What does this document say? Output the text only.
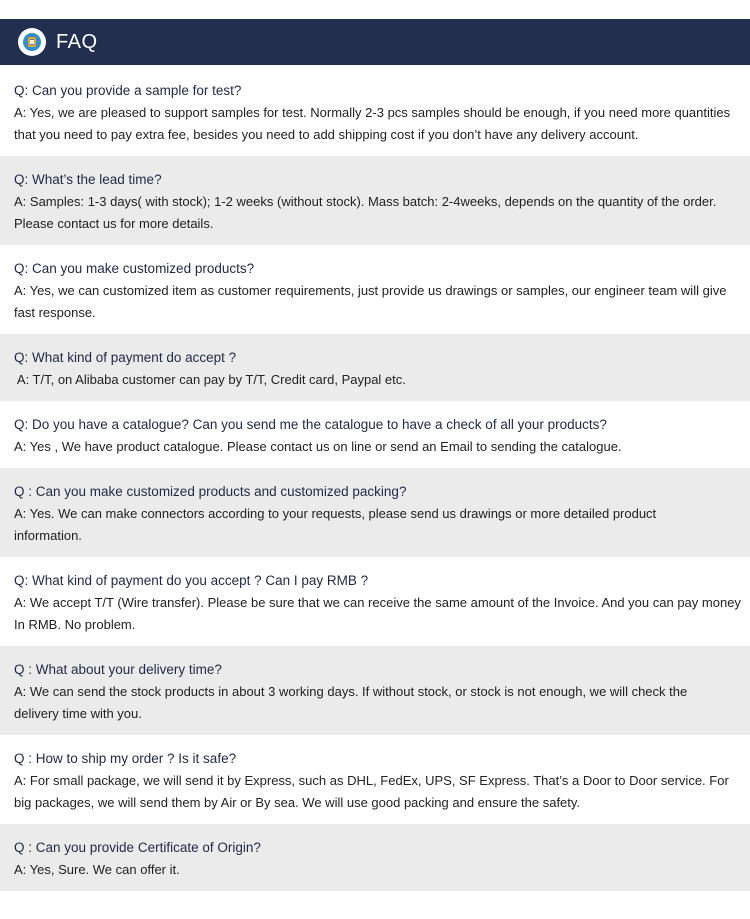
FAQ
Q: Can you provide a sample for test?
A: Yes, we are pleased to support samples for test. Normally 2-3 pcs samples should be enough, if you need more quantities that you need to pay extra fee, besides you need to add shipping cost if you don’t have any delivery account.
Q: What’s the lead time?
A: Samples: 1-3 days( with stock); 1-2 weeks (without stock). Mass batch: 2-4weeks, depends on the quantity of the order. Please contact us for more details.
Q: Can you make customized products?
A: Yes, we can customized item as customer requirements, just provide us drawings or samples, our engineer team will give fast response.
Q: What kind of payment do accept ?
A: T/T, on Alibaba customer can pay by T/T, Credit card, Paypal etc.
Q: Do you have a catalogue? Can you send me the catalogue to have a check of all your products?
A: Yes , We have product catalogue. Please contact us on line or send an Email to sending the catalogue.
Q : Can you make customized products and customized packing?
A: Yes. We can make connectors according to your requests, please send us drawings or more detailed product information.
Q: What kind of payment do you accept ? Can I pay RMB ?
A: We accept T/T (Wire transfer). Please be sure that we can receive the same amount of the Invoice. And you can pay money In RMB. No problem.
Q : What about your delivery time?
A: We can send the stock products in about 3 working days. If without stock, or stock is not enough, we will check the delivery time with you.
Q : How to ship my order ? Is it safe?
A: For small package, we will send it by Express, such as DHL, FedEx, UPS, SF Express. That’s a Door to Door service. For big packages, we will send them by Air or By sea. We will use good packing and ensure the safety.
Q : Can you provide Certificate of Origin?
A: Yes, Sure. We can offer it.
